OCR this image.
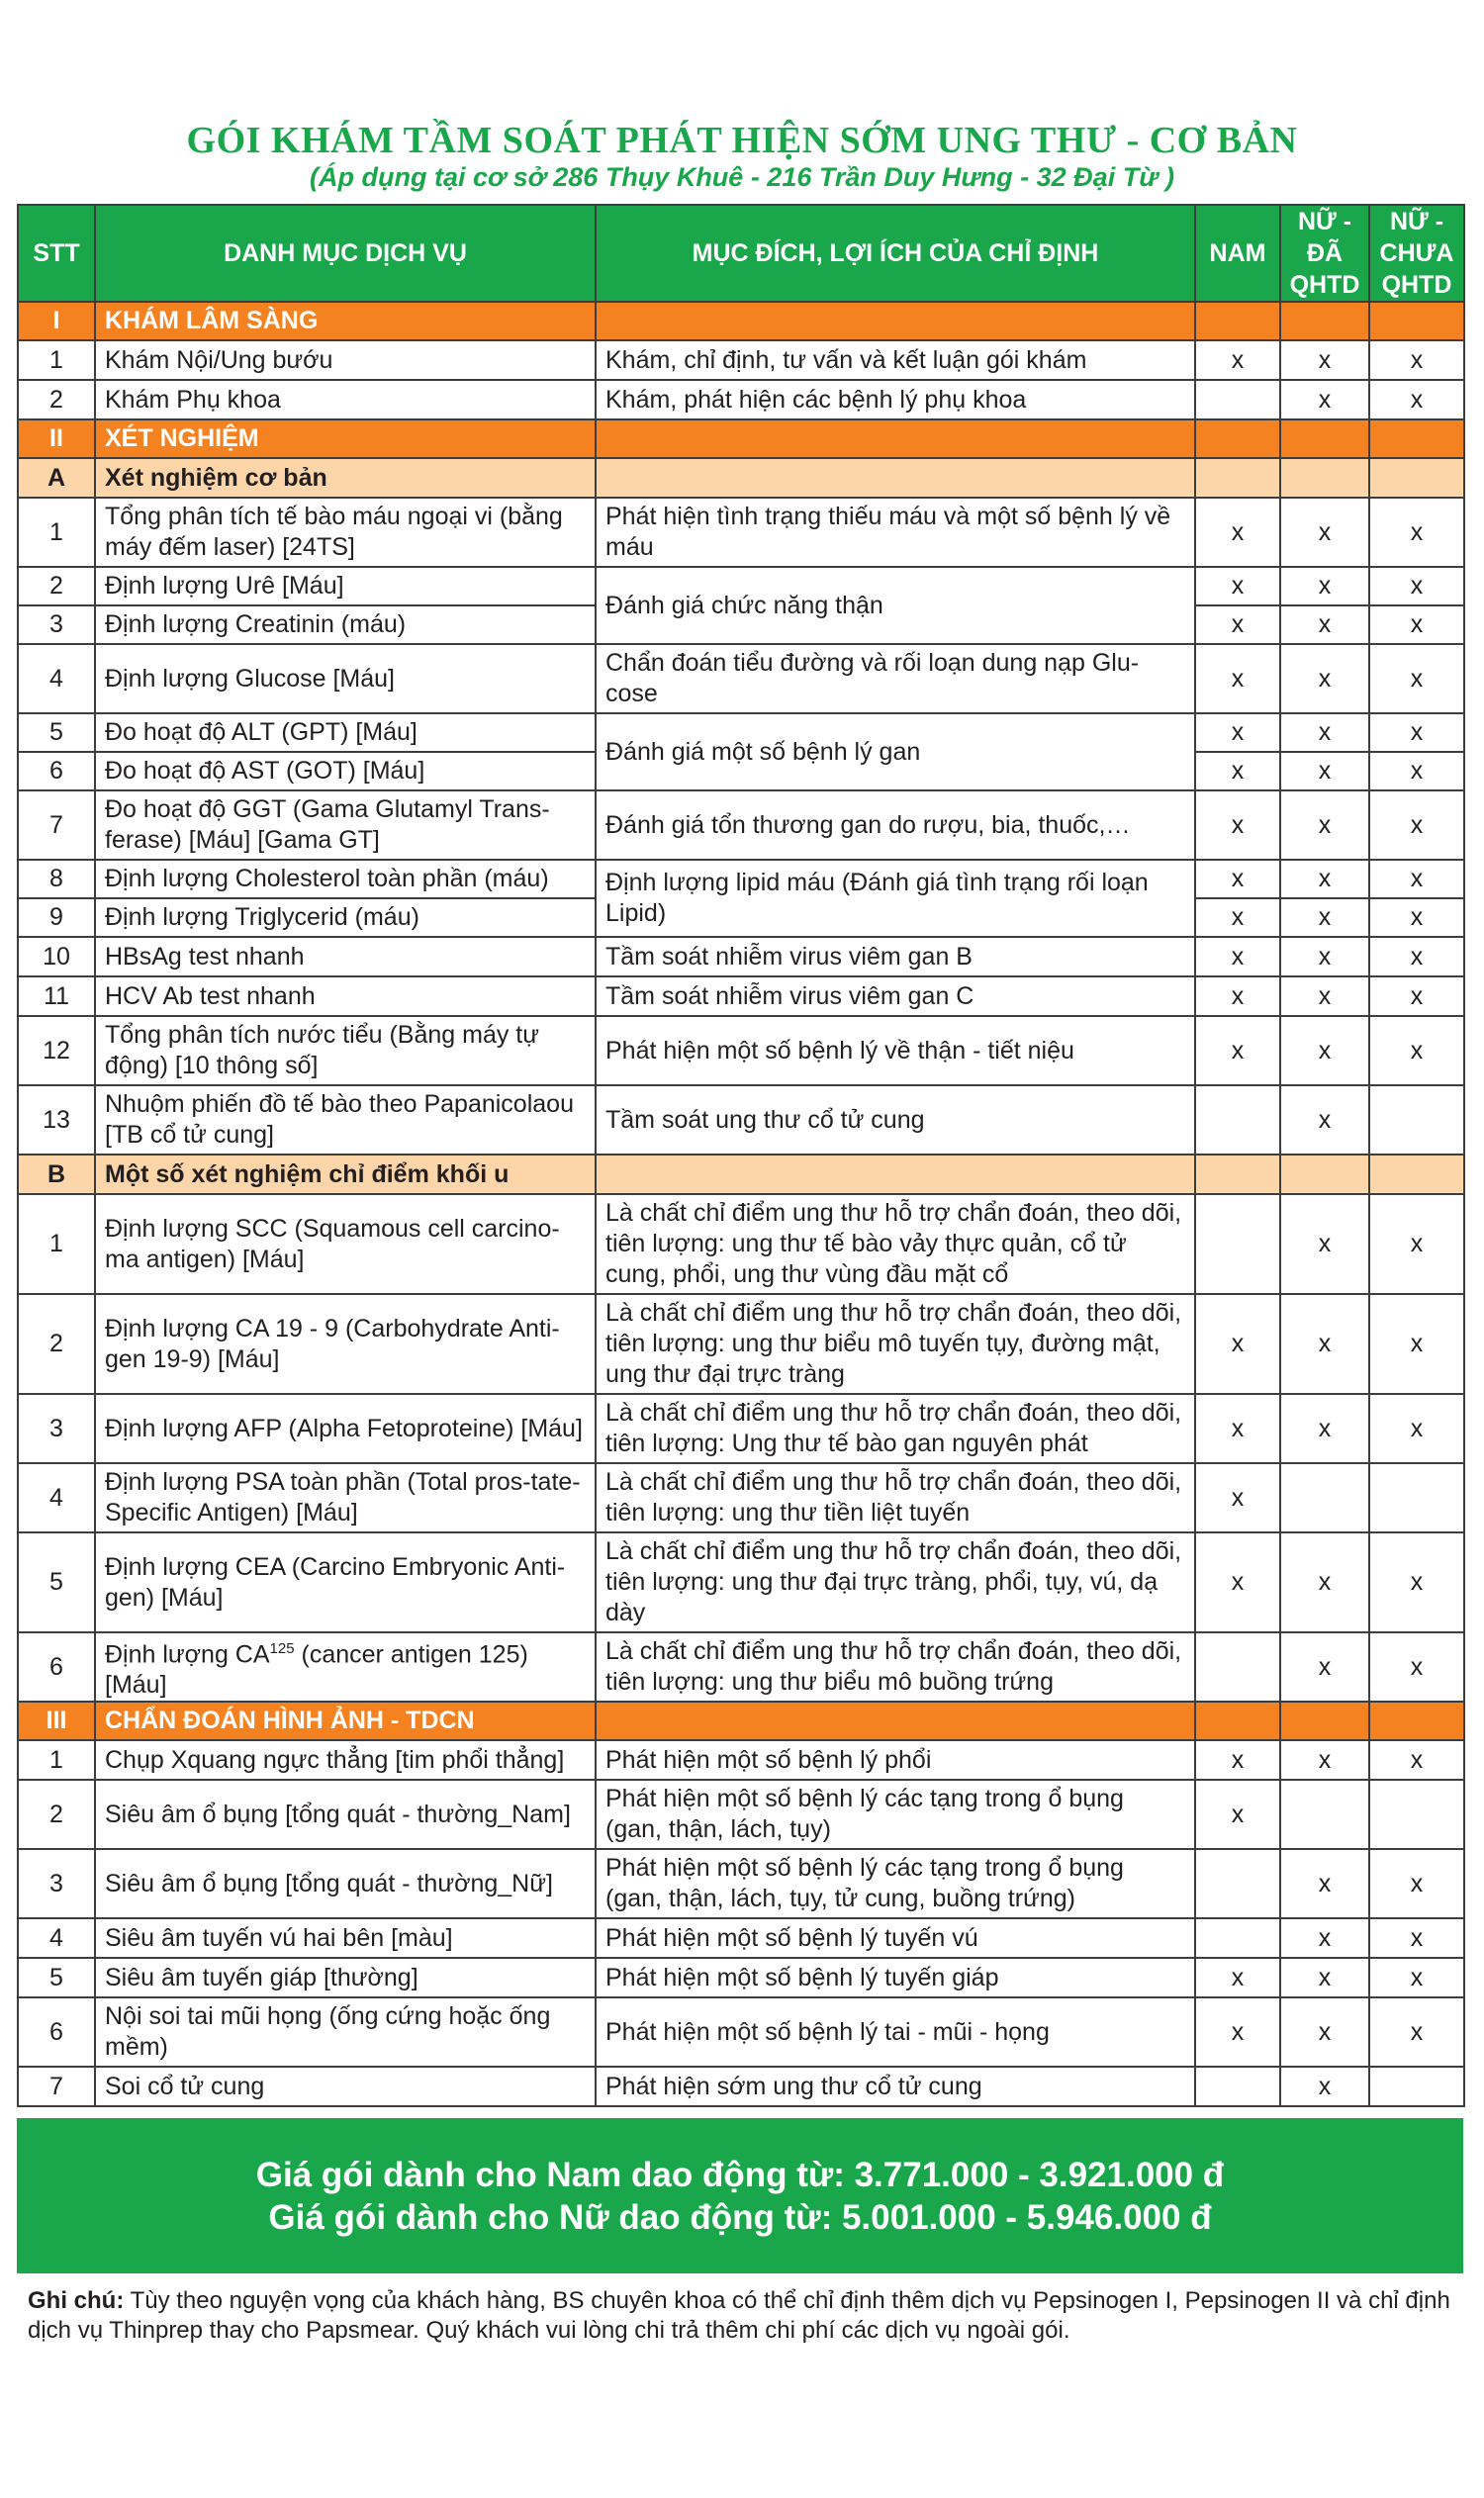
GÓI KHÁM TẦM SOÁT PHÁT HIỆN SỚM UNG THƯ - CƠ BẢN
(Áp dụng tại cơ sở 286 Thụy Khuê - 216 Trần Duy Hưng - 32 Đại Từ )
STT	DANH MỤC DỊCH VỤ	MỤC ĐÍCH, LỢI ÍCH CỦA CHỈ ĐỊNH	NAM	NỮ - ĐÃ QHTD	NỮ - CHƯA QHTD
I	KHÁM LÂM SÀNG				
1	Khám Nội/Ung bướu	Khám, chỉ định, tư vấn và kết luận gói khám	x	x	x
2	Khám Phụ khoa	Khám, phát hiện các bệnh lý phụ khoa		x	x
II	XÉT NGHIỆM				
A	Xét nghiệm cơ bản				
1	Tổng phân tích tế bào máu ngoại vi (bằng máy đếm laser) [24TS]	Phát hiện tình trạng thiếu máu và một số bệnh lý về máu	x	x	x
2	Định lượng Urê [Máu]	Đánh giá chức năng thận	x	x	x
3	Định lượng Creatinin (máu)		x	x	x
4	Định lượng Glucose [Máu]	Chẩn đoán tiểu đường và rối loạn dung nạp Glu-cose	x	x	x
5	Đo hoạt độ ALT (GPT) [Máu]	Đánh giá một số bệnh lý gan	x	x	x
6	Đo hoạt độ AST (GOT) [Máu]		x	x	x
7	Đo hoạt độ GGT (Gama Glutamyl Trans-ferase) [Máu] [Gama GT]	Đánh giá tổn thương gan do rượu, bia, thuốc,…	x	x	x
8	Định lượng Cholesterol toàn phần (máu)	Định lượng lipid máu (Đánh giá tình trạng rối loạn Lipid)	x	x	x
9	Định lượng Triglycerid (máu)		x	x	x
10	HBsAg test nhanh	Tầm soát nhiễm virus viêm gan B	x	x	x
11	HCV Ab test nhanh	Tầm soát nhiễm virus viêm gan C	x	x	x
12	Tổng phân tích nước tiểu (Bằng máy tự động) [10 thông số]	Phát hiện một số bệnh lý về thận - tiết niệu	x	x	x
13	Nhuộm phiến đồ tế bào theo Papanicolaou [TB cổ tử cung]	Tầm soát ung thư cổ tử cung		x	
B	Một số xét nghiệm chỉ điểm khối u				
1	Định lượng SCC (Squamous cell carcino-ma antigen) [Máu]	Là chất chỉ điểm ung thư hỗ trợ chẩn đoán, theo dõi, tiên lượng: ung thư tế bào vảy thực quản, cổ tử cung, phổi, ung thư vùng đầu mặt cổ		x	x
2	Định lượng CA 19 - 9 (Carbohydrate Anti-gen 19-9) [Máu]	Là chất chỉ điểm ung thư hỗ trợ chẩn đoán, theo dõi, tiên lượng: ung thư biểu mô tuyến tụy, đường mật, ung thư đại trực tràng	x	x	x
3	Định lượng AFP (Alpha Fetoproteine) [Máu]	Là chất chỉ điểm ung thư hỗ trợ chẩn đoán, theo dõi, tiên lượng: Ung thư tế bào gan nguyên phát	x	x	x
4	Định lượng PSA toàn phần (Total pros-tate-Specific Antigen) [Máu]	Là chất chỉ điểm ung thư hỗ trợ chẩn đoán, theo dõi, tiên lượng: ung thư tiền liệt tuyến	x		
5	Định lượng CEA (Carcino Embryonic Anti-gen) [Máu]	Là chất chỉ điểm ung thư hỗ trợ chẩn đoán, theo dõi, tiên lượng: ung thư đại trực tràng, phổi, tụy, vú, dạ dày	x	x	x
6	Định lượng CA$^{125}$ (cancer antigen 125) [Máu]	Là chất chỉ điểm ung thư hỗ trợ chẩn đoán, theo dõi, tiên lượng: ung thư biểu mô buồng trứng		x	x
III	CHẨN ĐOÁN HÌNH ẢNH - TDCN				
1	Chụp Xquang ngực thẳng [tim phổi thẳng]	Phát hiện một số bệnh lý phổi	x	x	x
2	Siêu âm ổ bụng [tổng quát - thường_Nam]	Phát hiện một số bệnh lý các tạng trong ổ bụng (gan, thận, lách, tụy)	x		
3	Siêu âm ổ bụng [tổng quát - thường_Nữ]	Phát hiện một số bệnh lý các tạng trong ổ bụng (gan, thận, lách, tụy, tử cung, buồng trứng)		x	x
4	Siêu âm tuyến vú hai bên [màu]	Phát hiện một số bệnh lý tuyến vú		x	x
5	Siêu âm tuyến giáp [thường]	Phát hiện một số bệnh lý tuyến giáp	x	x	x
6	Nội soi tai mũi họng (ống cứng hoặc ống mềm)	Phát hiện một số bệnh lý tai - mũi - họng	x	x	x
7	Soi cổ tử cung	Phát hiện sớm ung thư cổ tử cung		x	
Giá gói dành cho Nam dao động từ: 3.771.000 - 3.921.000 đ
Giá gói dành cho Nữ dao động từ: 5.001.000 - 5.946.000 đ
Ghi chú: Tùy theo nguyện vọng của khách hàng, BS chuyên khoa có thể chỉ định thêm dịch vụ Pepsinogen I, Pepsinogen II và chỉ định dịch vụ Thinprep thay cho Papsmear. Quý khách vui lòng chi trả thêm chi phí các dịch vụ ngoài gói.
